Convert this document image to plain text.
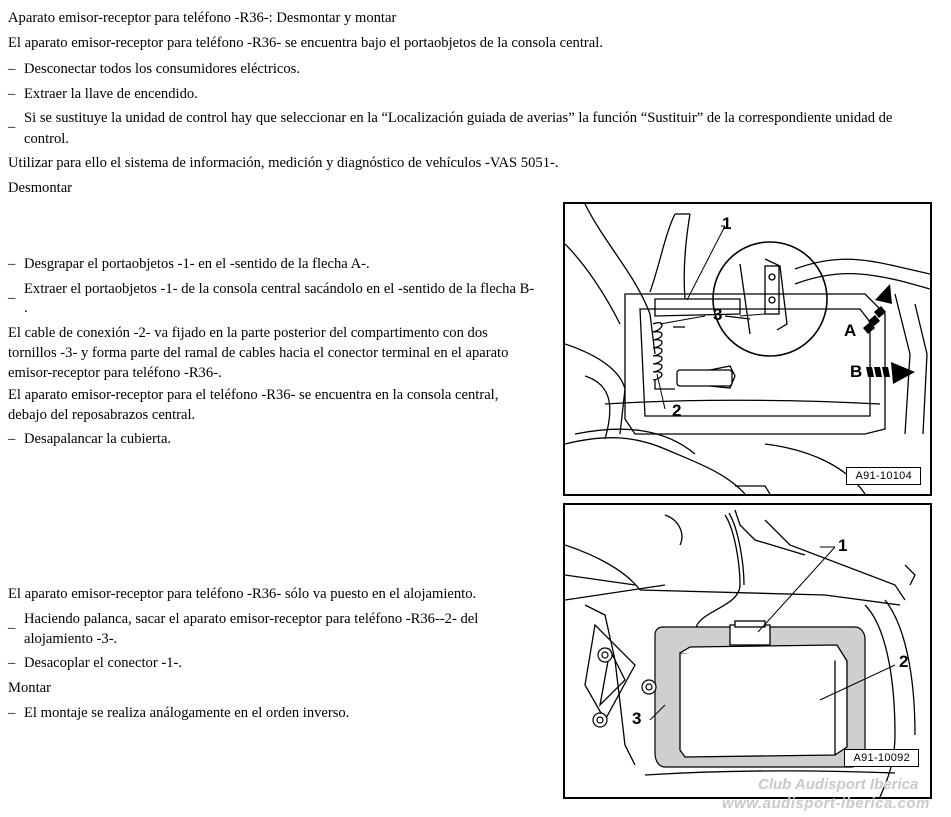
Aparato emisor-receptor para teléfono -R36-: Desmontar y montar
El aparato emisor-receptor para teléfono -R36- se encuentra bajo el portaobjetos de la consola central.
– Desconectar todos los consumidores eléctricos.
– Extraer la llave de encendido.
_ Si se sustituye la unidad de control hay que seleccionar en la “Localización guiada de averias” la función “Sustituir” de la correspondiente unidad de
control.
Utilizar para ello el sistema de información, medición y diagnóstico de vehículos -VAS 5051-.
Desmontar
– Desgrapar el portaobjetos -1- en el -sentido de la flecha A-.
_ Extraer el portaobjetos -1- de la consola central sacándolo en el -sentido de la flecha B-
.
El cable de conexión -2- va fijado en la parte posterior del compartimento con dos
tornillos -3- y forma parte del ramal de cables hacia el conector terminal en el aparato
emisor-receptor para teléfono -R36-.
El aparato emisor-receptor para el teléfono -R36- se encuentra en la consola central,
debajo del reposabrazos central.
– Desapalancar la cubierta.
El aparato emisor-receptor para teléfono -R36- sólo va puesto en el alojamiento.
_ Haciendo palanca, sacar el aparato emisor-receptor para teléfono -R36--2- del
alojamiento -3-.
– Desacoplar el conector -1-.
Montar
– El montaje se realiza análogamente en el orden inverso.
1
2
3
A
B
A91-10104
1
2
3
A91-10092
Club Audisport Iberica
www.audisport-iberica.com
